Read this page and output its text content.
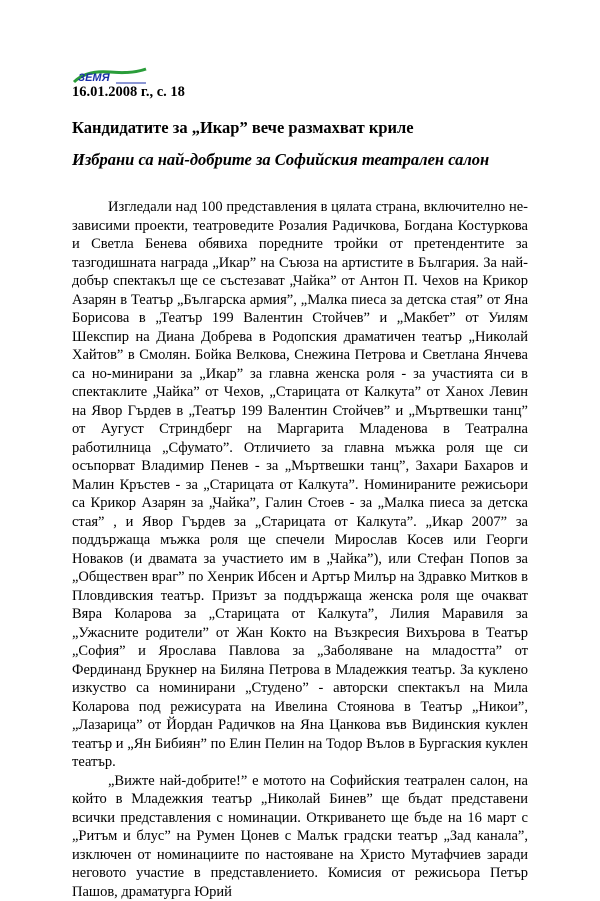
ЗЕМЯ

16.01.2008 г., с. 18

Кандидатите за „Икар” вече размахват криле
Избрани са най-добрите за Софийския театрален салон

Изгледали над 100 представления в цялата страна, включително не-зависими проекти, театроведите Розалия Радичкова, Богдана Костуркова и Светла Бенева обявиха поредните тройки от претендентите за тазгодишната награда „Икар” на Съюза на артистите в България. За най-добър спектакъл ще се състезават „Чайка” от Антон П. Чехов на Крикор Азарян в Театър „Българска армия”, „Малка пиеса за детска стая” от Яна Борисова в „Театър 199 Валентин Стойчев” и „Макбет” от Уилям Шекспир на Диана Добрева в Родопския драматичен театър „Николай Хайтов” в Смолян. Бойка Велкова, Снежина Петрова и Светлана Янчева са но-минирани за „Икар” за главна женска роля - за участията си в спектаклите „Чайка” от Чехов, „Старицата от Калкута” от Ханох Левин на Явор Гърдев в „Театър 199 Валентин Стойчев” и „Мъртвешки танц” от Аугуст Стриндберг на Маргарита Младенова в Театрална работилница „Сфумато”. Отличието за главна мъжка роля ще си осъпорват Владимир Пенев - за „Мъртвешки танц”, Захари Бахаров и Малин Кръстев - за „Старицата от Калкута”. Номинираните режисьори са Крикор Азарян за „Чайка”, Галин Стоев - за „Малка пиеса за детска стая” , и Явор Гърдев за „Старицата от Калкута”. „Икар 2007” за поддържаща мъжка роля ще спечели Мирослав Косев или Георги Новаков (и двамата за участието им в „Чайка”), или Стефан Попов за „Обществен враг” по Хенрик Ибсен и Артър Милър на Здравко Митков в Пловдивския театър. Призът за поддържаща женска роля ще очакват Вяра Коларова за „Старицата от Калкута”, Лилия Маравиля за „Ужасните родители” от Жан Кокто на Възкресия Вихърова в Театър „София” и Ярослава Павлова за „Заболяване на младостта” от Фердинанд Брукнер на Биляна Петрова в Младежкия театър. За куклено изкуство са номинирани „Студено” - авторски спектакъл на Мила Коларова под режисурата на Ивелина Стоянова в Театър „Никои”, „Лазарица” от Йордан Радичков на Яна Цанкова във Видинския куклен театър и „Ян Бибиян” по Елин Пелин на Тодор Вълов в Бургаския куклен театър.

„Вижте най-добрите!” е мотото на Софийския театрален салон, на който в Младежкия театър „Николай Бинев” ще бъдат представени всички представления с номинации. Откриването ще бъде на 16 март с „Ритъм и блус” на Румен Цонев с Малък градски театър „Зад канала”, изключен от номинациите по настояване на Христо Мутафчиев заради неговото участие в представлението. Комисия от режисьора Петър Пашов, драматурга Юрий
